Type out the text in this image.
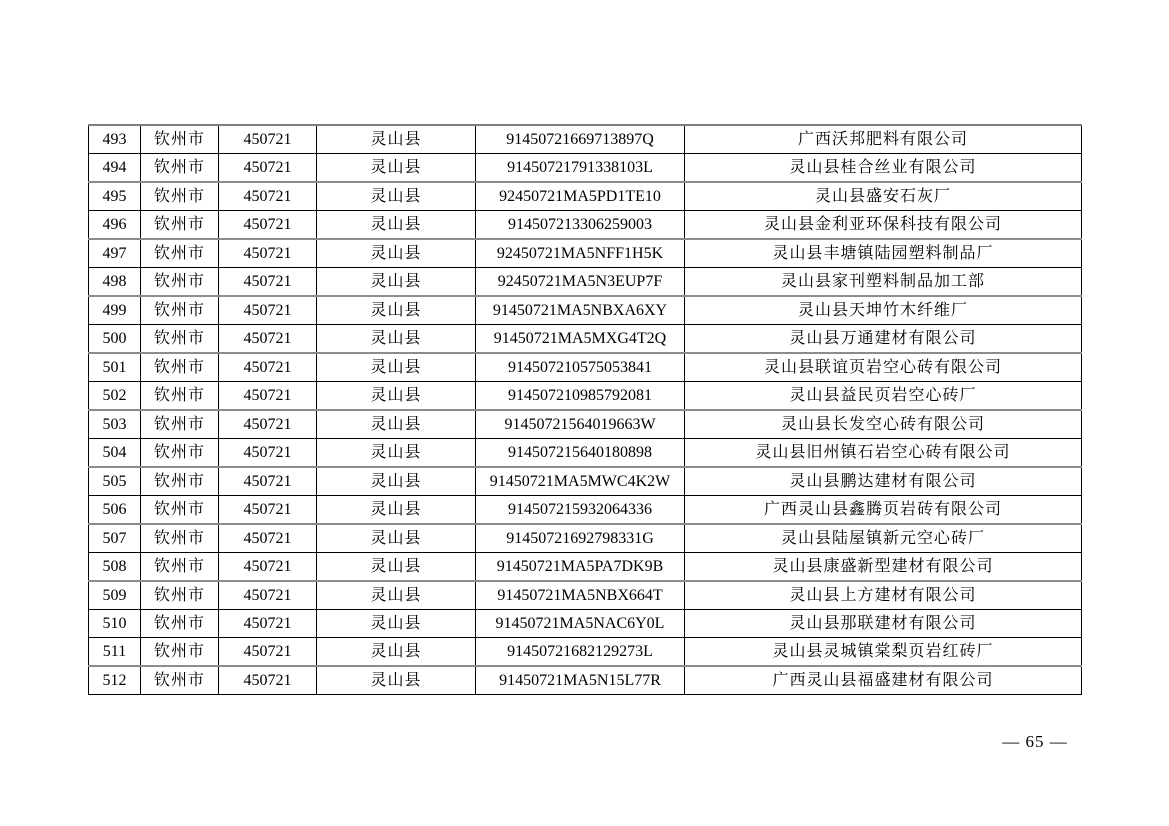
493	钦州市	450721	灵山县	91450721669713897Q	广西沃邦肥料有限公司
494	钦州市	450721	灵山县	91450721791338103L	灵山县桂合丝业有限公司
495	钦州市	450721	灵山县	92450721MA5PD1TE10	灵山县盛安石灰厂
496	钦州市	450721	灵山县	914507213306259003	灵山县金利亚环保科技有限公司
497	钦州市	450721	灵山县	92450721MA5NFF1H5K	灵山县丰塘镇陆园塑料制品厂
498	钦州市	450721	灵山县	92450721MA5N3EUP7F	灵山县家刊塑料制品加工部
499	钦州市	450721	灵山县	91450721MA5NBXA6XY	灵山县天坤竹木纤维厂
500	钦州市	450721	灵山县	91450721MA5MXG4T2Q	灵山县万通建材有限公司
501	钦州市	450721	灵山县	914507210575053841	灵山县联谊页岩空心砖有限公司
502	钦州市	450721	灵山县	914507210985792081	灵山县益民页岩空心砖厂
503	钦州市	450721	灵山县	91450721564019663W	灵山县长发空心砖有限公司
504	钦州市	450721	灵山县	914507215640180898	灵山县旧州镇石岩空心砖有限公司
505	钦州市	450721	灵山县	91450721MA5MWC4K2W	灵山县鹏达建材有限公司
506	钦州市	450721	灵山县	914507215932064336	广西灵山县鑫腾页岩砖有限公司
507	钦州市	450721	灵山县	91450721692798331G	灵山县陆屋镇新元空心砖厂
508	钦州市	450721	灵山县	91450721MA5PA7DK9B	灵山县康盛新型建材有限公司
509	钦州市	450721	灵山县	91450721MA5NBX664T	灵山县上方建材有限公司
510	钦州市	450721	灵山县	91450721MA5NAC6Y0L	灵山县那联建材有限公司
511	钦州市	450721	灵山县	91450721682129273L	灵山县灵城镇棠梨页岩红砖厂
512	钦州市	450721	灵山县	91450721MA5N15L77R	广西灵山县福盛建材有限公司
— 65 —
